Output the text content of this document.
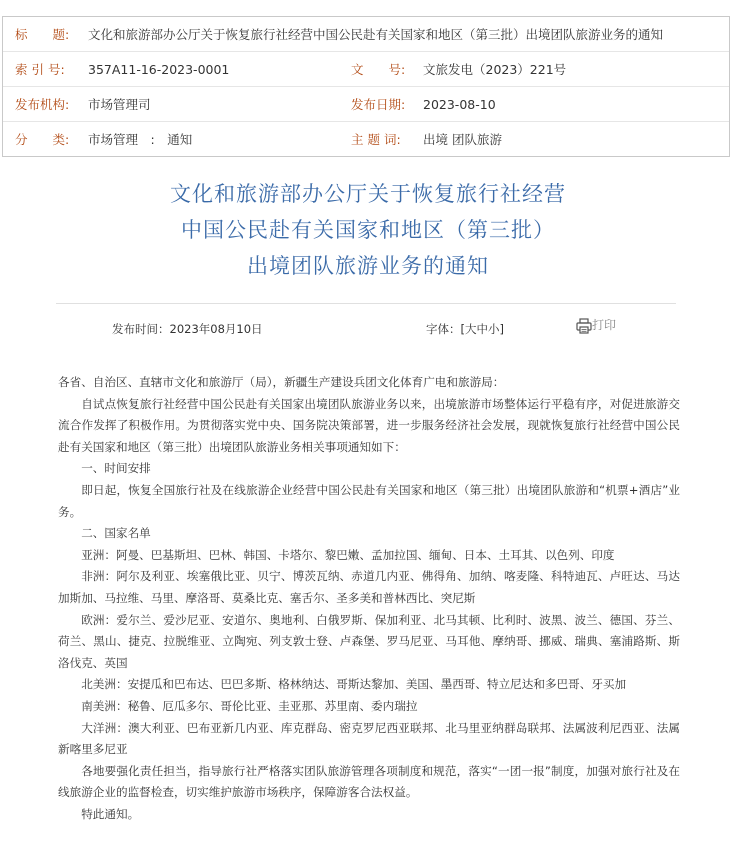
标　　题: 文化和旅游部办公厅关于恢复旅行社经营中国公民赴有关国家和地区（第三批）出境团队旅游业务的通知
索 引 号: 357A11-16-2023-0001	文　　号: 文旅发电（2023）221号
发布机构: 市场管理司	发布日期: 2023-08-10
分　　类: 市场管理　:　通知	主 题 词: 出境 团队旅游
文化和旅游部办公厅关于恢复旅行社经营
中国公民赴有关国家和地区（第三批）
出境团队旅游业务的通知
发布时间：2023年08月10日	字体：[大中小]	打印

各省、自治区、直辖市文化和旅游厅（局），新疆生产建设兵团文化体育广电和旅游局：

自试点恢复旅行社经营中国公民赴有关国家出境团队旅游业务以来，出境旅游市场整体运行平稳有序，对促进旅游交流合作发挥了积极作用。为贯彻落实党中央、国务院决策部署，进一步服务经济社会发展，现就恢复旅行社经营中国公民赴有关国家和地区（第三批）出境团队旅游业务相关事项通知如下：

一、时间安排

即日起，恢复全国旅行社及在线旅游企业经营中国公民赴有关国家和地区（第三批）出境团队旅游和“机票+酒店”业务。

二、国家名单

亚洲：阿曼、巴基斯坦、巴林、韩国、卡塔尔、黎巴嫩、孟加拉国、缅甸、日本、土耳其、以色列、印度

非洲：阿尔及利亚、埃塞俄比亚、贝宁、博茨瓦纳、赤道几内亚、佛得角、加纳、喀麦隆、科特迪瓦、卢旺达、马达加斯加、马拉维、马里、摩洛哥、莫桑比克、塞舌尔、圣多美和普林西比、突尼斯

欧洲：爱尔兰、爱沙尼亚、安道尔、奥地利、白俄罗斯、保加利亚、北马其顿、比利时、波黑、波兰、德国、芬兰、荷兰、黑山、捷克、拉脱维亚、立陶宛、列支敦士登、卢森堡、罗马尼亚、马耳他、摩纳哥、挪威、瑞典、塞浦路斯、斯洛伐克、英国

北美洲：安提瓜和巴布达、巴巴多斯、格林纳达、哥斯达黎加、美国、墨西哥、特立尼达和多巴哥、牙买加

南美洲：秘鲁、厄瓜多尔、哥伦比亚、圭亚那、苏里南、委内瑞拉

大洋洲：澳大利亚、巴布亚新几内亚、库克群岛、密克罗尼西亚联邦、北马里亚纳群岛联邦、法属波利尼西亚、法属新喀里多尼亚

各地要强化责任担当，指导旅行社严格落实团队旅游管理各项制度和规范，落实“一团一报”制度，加强对旅行社及在线旅游企业的监督检查，切实维护旅游市场秩序，保障游客合法权益。

特此通知。
